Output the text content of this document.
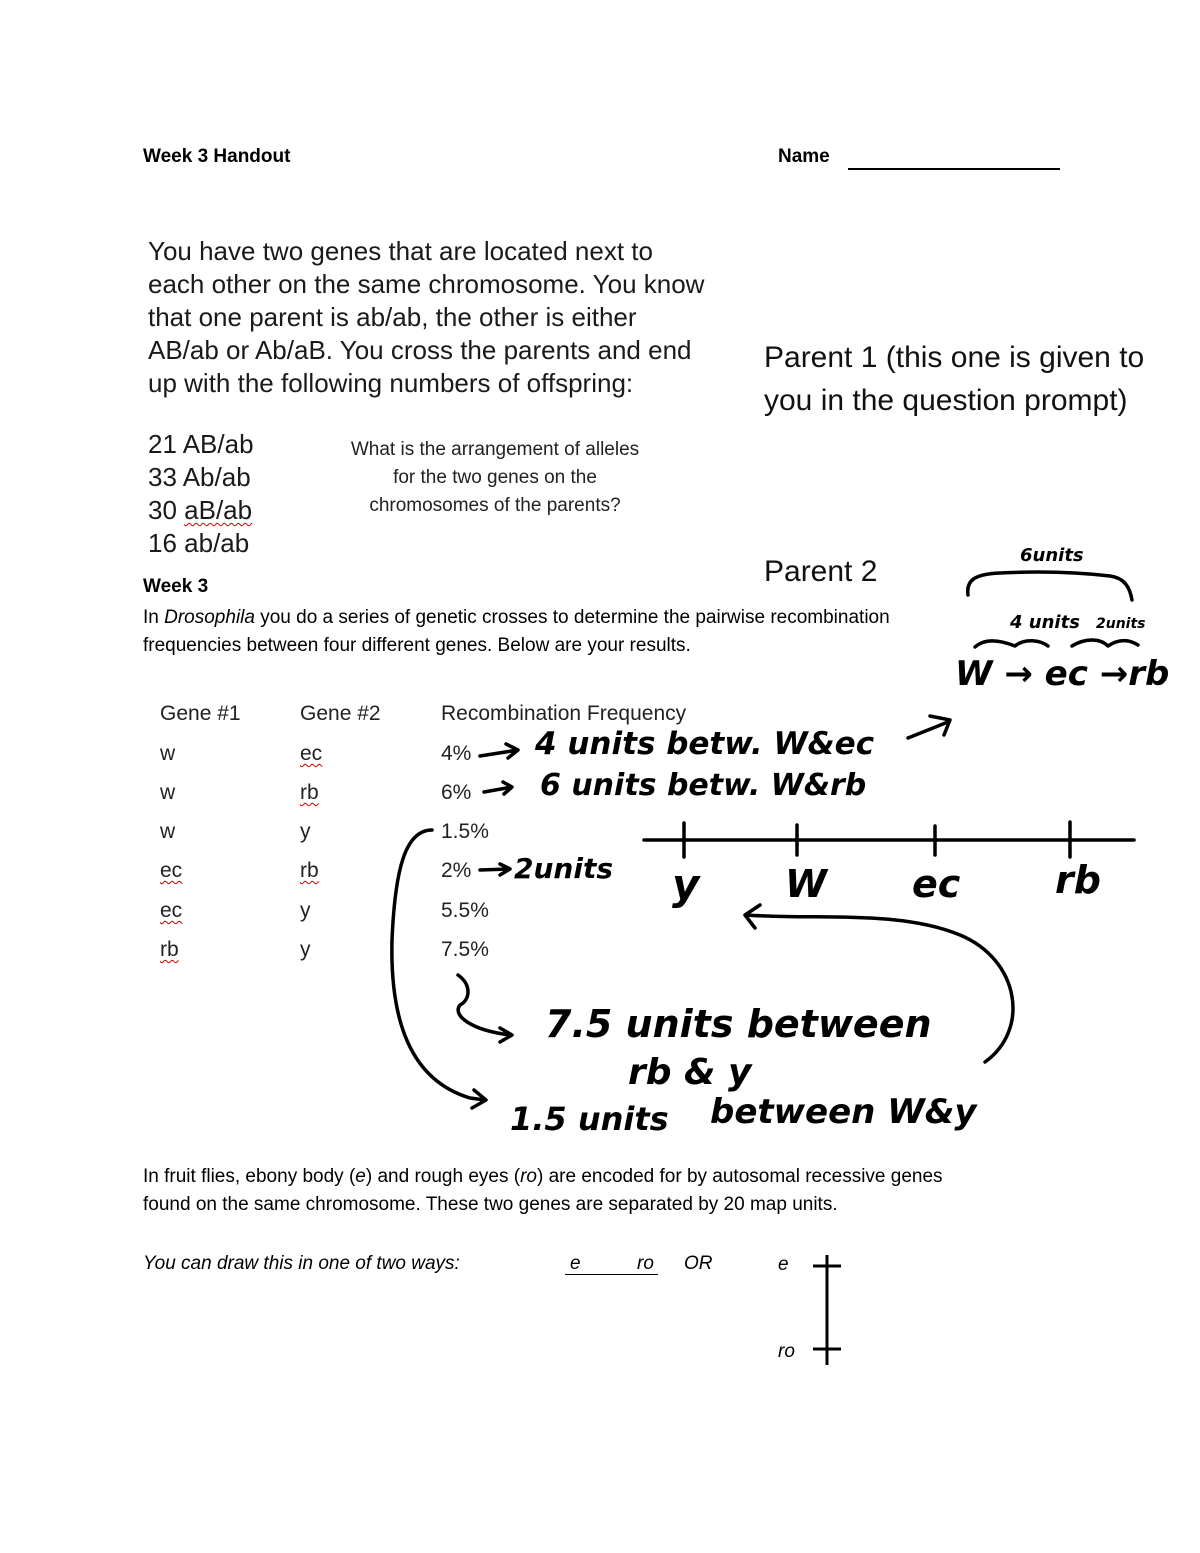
Week 3 Handout	Name
You have two genes that are located next to
each other on the same chromosome. You know
that one parent is ab/ab, the other is either
AB/ab or Ab/aB. You cross the parents and end
up with the following numbers of offspring:
21 AB/ab
33 Ab/ab
30 aB/ab
16 ab/ab
What is the arrangement of alleles for the two genes on the chromosomes of the parents?
Parent 1 (this one is given to you in the question prompt)
Parent 2
Week 3
In Drosophila you do a series of genetic crosses to determine the pairwise recombination
frequencies between four different genes. Below are your results.
Gene #1	Gene #2	Recombination Frequency
w	ec	4%
w	rb	6%
w	y	1.5%
ec	rb	2%
ec	y	5.5%
rb	y	7.5%
6units
4 units 2units
W → ec →rb
4 units betw. W&ec
6 units betw. W&rb
2units y W ec rb
7.5 units between
rb & y
1.5 units between W&y
In fruit flies, ebony body (e) and rough eyes (ro) are encoded for by autosomal recessive genes
found on the same chromosome. These two genes are separated by 20 map units.
You can draw this in one of two ways:	e	ro OR	e
ro
